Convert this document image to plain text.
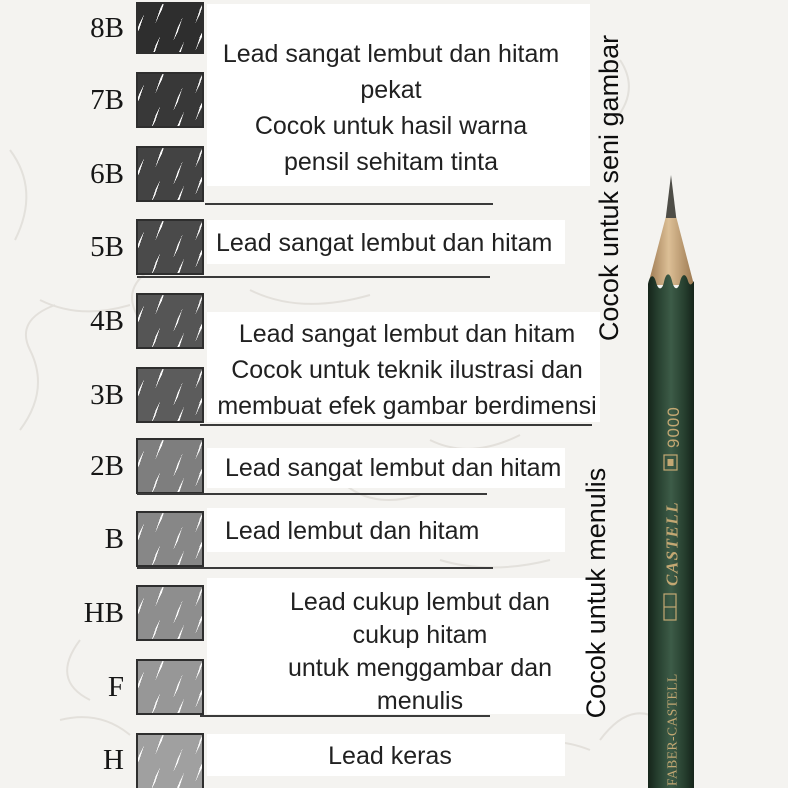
8B
7B
6B
5B
4B
3B
2B
B
HB
F
H
Lead sangat lembut dan hitam
pekat
Cocok untuk hasil warna
pensil sehitam tinta
Lead sangat lembut dan hitam
Lead sangat lembut dan hitam
Cocok untuk teknik ilustrasi dan
membuat efek gambar berdimensi
Lead sangat lembut dan hitam
Lead lembut dan hitam
Lead cukup lembut dan
cukup hitam
untuk menggambar dan
menulis
Lead keras
Cocok untuk seni gambar
Cocok untuk menulis
9000
CASTELL
FABER-CASTELL
